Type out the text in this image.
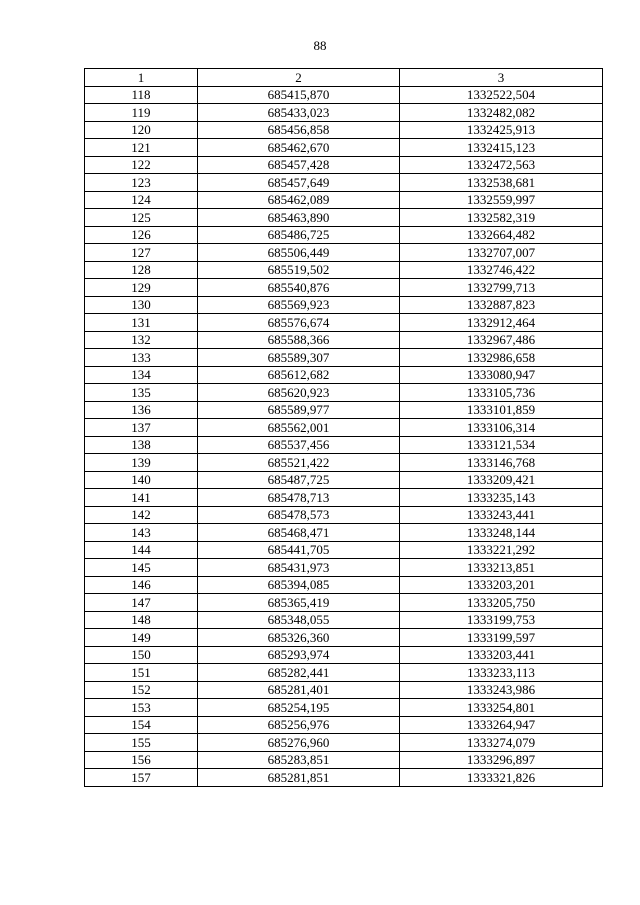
88
1	2	3
118	685415,870	1332522,504
119	685433,023	1332482,082
120	685456,858	1332425,913
121	685462,670	1332415,123
122	685457,428	1332472,563
123	685457,649	1332538,681
124	685462,089	1332559,997
125	685463,890	1332582,319
126	685486,725	1332664,482
127	685506,449	1332707,007
128	685519,502	1332746,422
129	685540,876	1332799,713
130	685569,923	1332887,823
131	685576,674	1332912,464
132	685588,366	1332967,486
133	685589,307	1332986,658
134	685612,682	1333080,947
135	685620,923	1333105,736
136	685589,977	1333101,859
137	685562,001	1333106,314
138	685537,456	1333121,534
139	685521,422	1333146,768
140	685487,725	1333209,421
141	685478,713	1333235,143
142	685478,573	1333243,441
143	685468,471	1333248,144
144	685441,705	1333221,292
145	685431,973	1333213,851
146	685394,085	1333203,201
147	685365,419	1333205,750
148	685348,055	1333199,753
149	685326,360	1333199,597
150	685293,974	1333203,441
151	685282,441	1333233,113
152	685281,401	1333243,986
153	685254,195	1333254,801
154	685256,976	1333264,947
155	685276,960	1333274,079
156	685283,851	1333296,897
157	685281,851	1333321,826
